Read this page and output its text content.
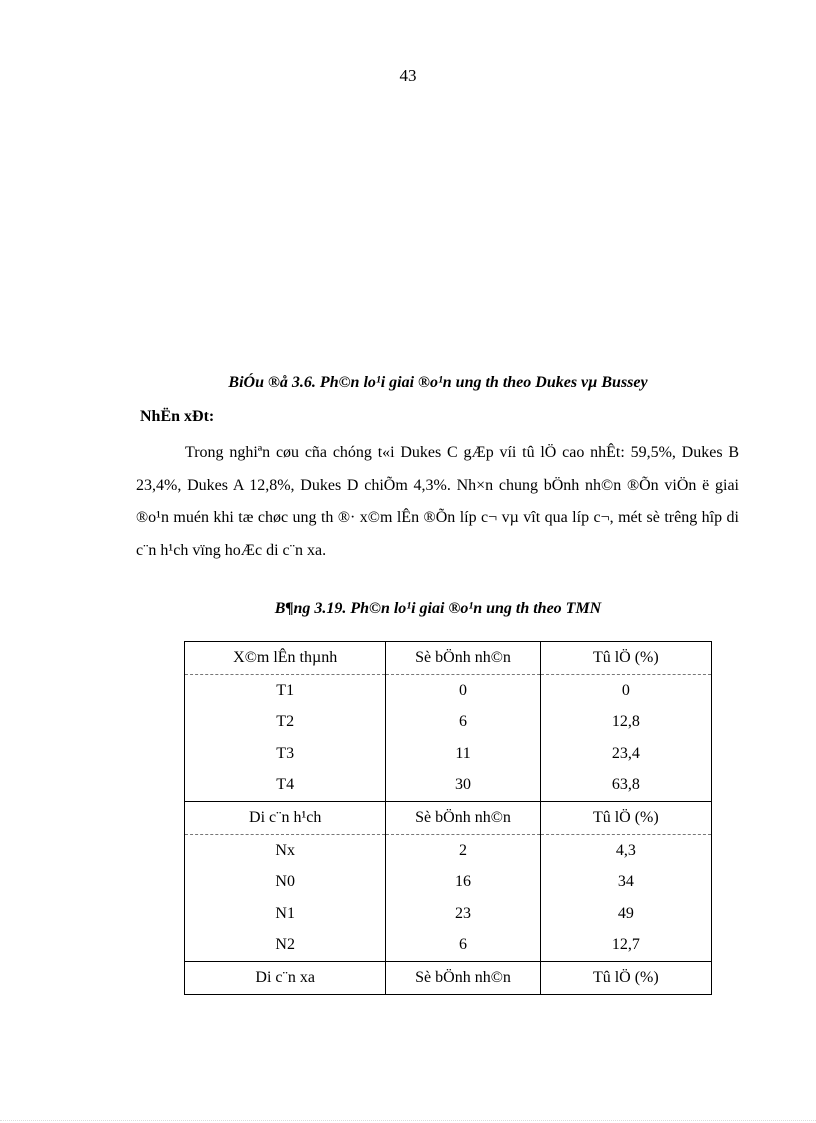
43
BiÓu ®å 3.6. Ph©n lo¹i giai ®o¹n ung th theo Dukes vµ Bussey
NhËn xÐt:

Trong nghiªn cøu cña chóng t«i Dukes C gÆp víi tû lÖ cao nhÊt: 59,5%, Dukes B 23,4%, Dukes A 12,8%, Dukes D chiÕm 4,3%. Nh×n chung bÖnh nh©n ®Õn viÖn ë giai ®o¹n muén khi tæ chøc ung th ®· x©m lÊn ®Õn líp c¬ vµ vît qua líp c¬, mét sè trêng hîp di c¨n h¹ch vïng hoÆc di c¨n xa.

B¶ng 3.19. Ph©n lo¹i giai ®o¹n ung th theo TMN
X©m lÊn thµnh	Sè bÖnh nh©n	Tû lÖ (%)
T1	0	0
T2	6	12,8
T3	11	23,4
T4	30	63,8
Di c¨n h¹ch	Sè bÖnh nh©n	Tû lÖ (%)
Nx	2	4,3
N0	16	34
N1	23	49
N2	6	12,7
Di c¨n xa	Sè bÖnh nh©n	Tû lÖ (%)
